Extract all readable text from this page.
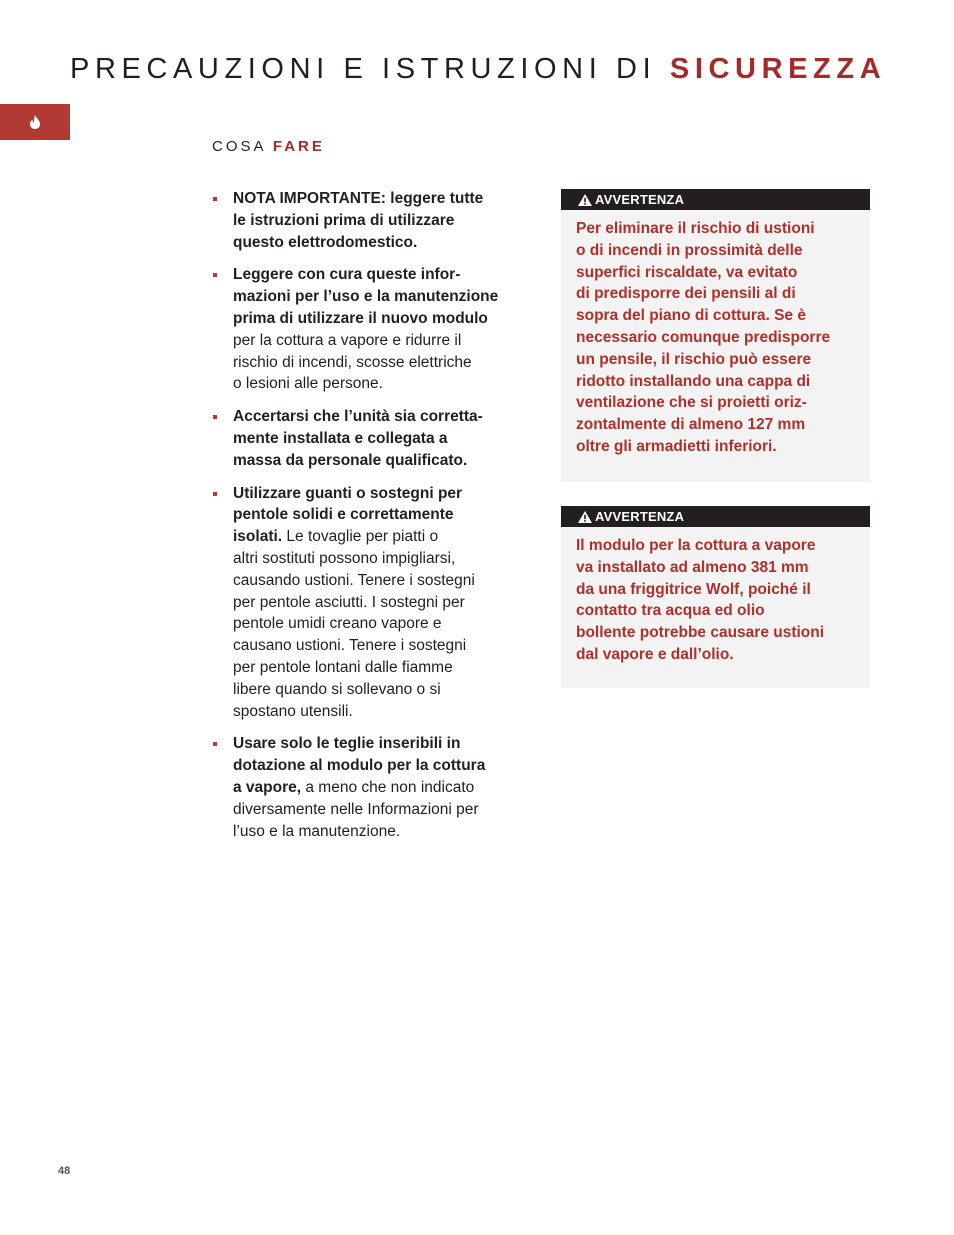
PRECAUZIONI E ISTRUZIONI DI SICUREZZA
COSA FARE
NOTA IMPORTANTE: leggere tutte
le istruzioni prima di utilizzare
questo elettrodomestico.
Leggere con cura queste infor-
mazioni per l’uso e la manutenzione
prima di utilizzare il nuovo modulo
per la cottura a vapore e ridurre il
rischio di incendi, scosse elettriche
o lesioni alle persone.
Accertarsi che l’unità sia corretta-
mente installata e collegata a
massa da personale qualificato.
Utilizzare guanti o sostegni per
pentole solidi e correttamente
isolati. Le tovaglie per piatti o
altri sostituti possono impigliarsi,
causando ustioni. Tenere i sostegni
per pentole asciutti. I sostegni per
pentole umidi creano vapore e
causano ustioni. Tenere i sostegni
per pentole lontani dalle fiamme
libere quando si sollevano o si
spostano utensili.
Usare solo le teglie inseribili in
dotazione al modulo per la cottura
a vapore, a meno che non indicato
diversamente nelle Informazioni per
l’uso e la manutenzione.
AVVERTENZA
Per eliminare il rischio di ustioni
o di incendi in prossimità delle
superfici riscaldate, va evitato
di predisporre dei pensili al di
sopra del piano di cottura. Se è
necessario comunque predisporre
un pensile, il rischio può essere
ridotto installando una cappa di
ventilazione che si proietti oriz-
zontalmente di almeno 127 mm
oltre gli armadietti inferiori.
AVVERTENZA
Il modulo per la cottura a vapore
va installato ad almeno 381 mm
da una friggitrice Wolf, poiché il
contatto tra acqua ed olio
bollente potrebbe causare ustioni
dal vapore e dall’olio.
48
